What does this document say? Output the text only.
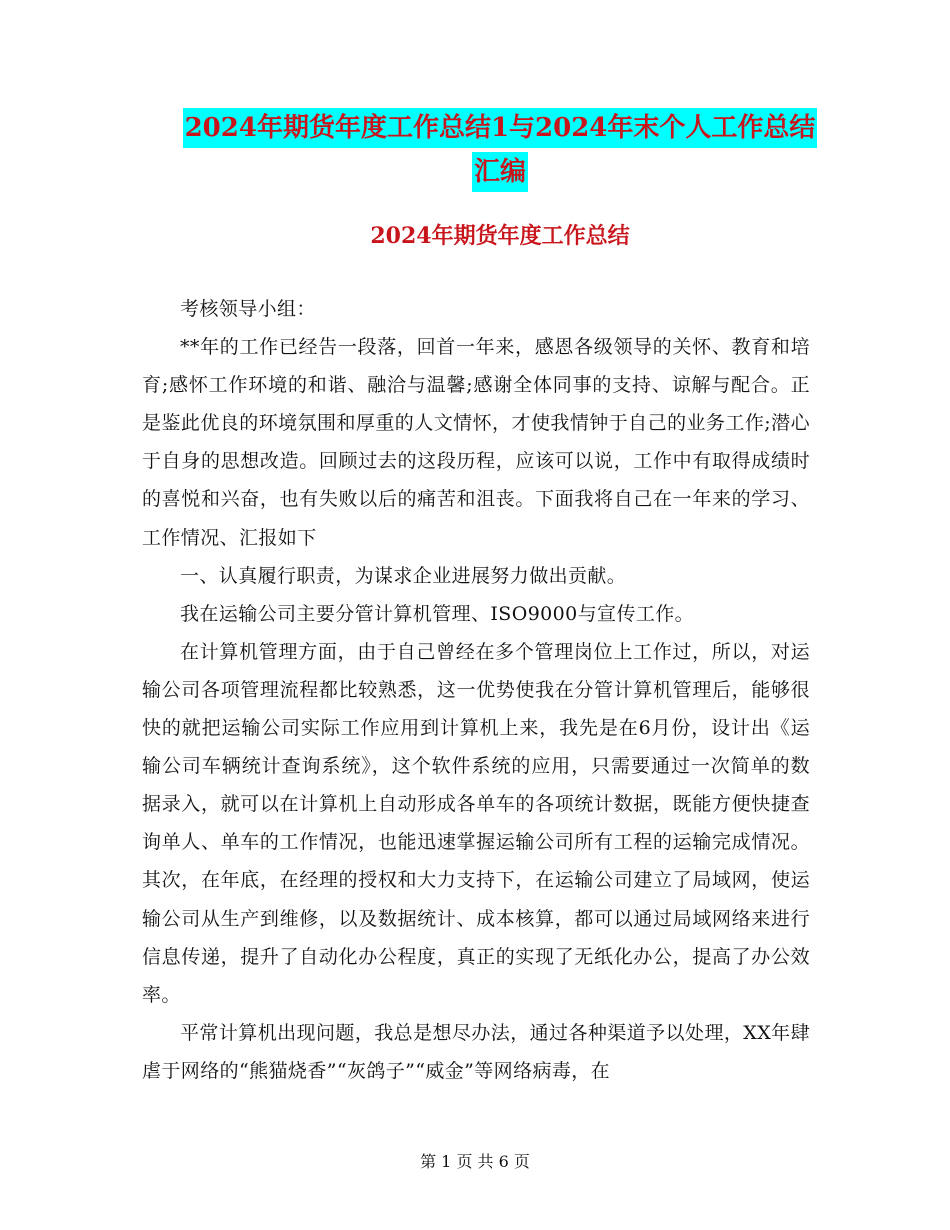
2024年期货年度工作总结1与2024年末个人工作总结
汇编
2024年期货年度工作总结

考核领导小组：

**年的工作已经告一段落，回首一年来，感恩各级领导的关怀、教育和培育;感怀工作环境的和谐、融洽与温馨;感谢全体同事的支持、谅解与配合。正是鉴此优良的环境氛围和厚重的人文情怀，才使我情钟于自己的业务工作;潜心于自身的思想改造。回顾过去的这段历程，应该可以说，工作中有取得成绩时的喜悦和兴奋，也有失败以后的痛苦和沮丧。下面我将自己在一年来的学习、工作情况、汇报如下

一、认真履行职责，为谋求企业进展努力做出贡献。

我在运输公司主要分管计算机管理、ISO9000与宣传工作。

在计算机管理方面，由于自己曾经在多个管理岗位上工作过，所以，对运输公司各项管理流程都比较熟悉，这一优势使我在分管计算机管理后，能够很快的就把运输公司实际工作应用到计算机上来，我先是在6月份，设计出《运输公司车辆统计查询系统》，这个软件系统的应用，只需要通过一次简单的数据录入，就可以在计算机上自动形成各单车的各项统计数据，既能方便快捷查询单人、单车的工作情况，也能迅速掌握运输公司所有工程的运输完成情况。其次，在年底，在经理的授权和大力支持下，在运输公司建立了局域网，使运输公司从生产到维修，以及数据统计、成本核算，都可以通过局域网络来进行信息传递，提升了自动化办公程度，真正的实现了无纸化办公，提高了办公效率。

平常计算机出现问题，我总是想尽办法，通过各种渠道予以处理，XX年肆虐于网络的“熊猫烧香”“灰鸽子”“威金”等网络病毒，在

第 1 页 共 6 页
